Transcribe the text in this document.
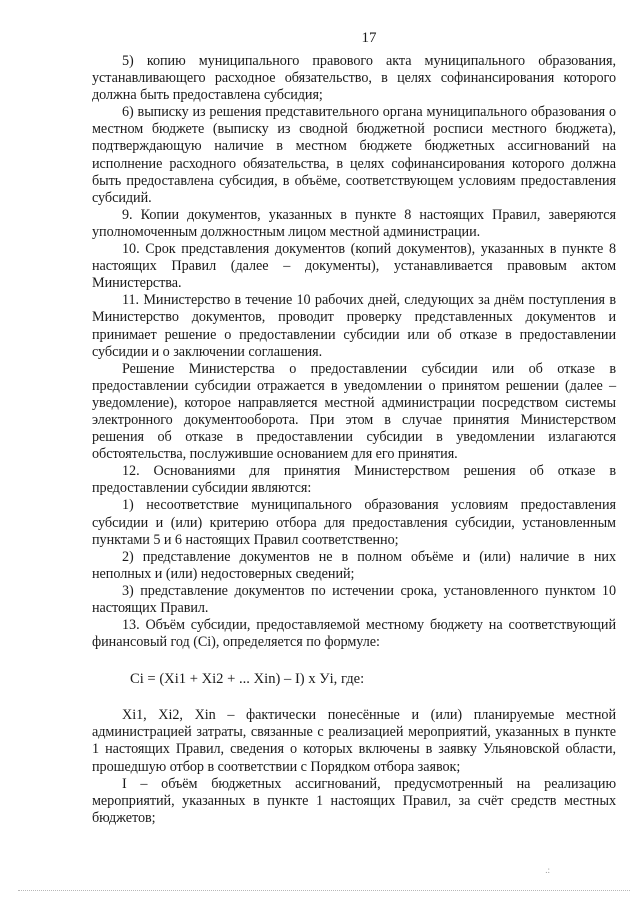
17

5) копию муниципального правового акта муниципального образования, устанавливающего расходное обязательство, в целях софинансирования которого должна быть предоставлена субсидия;

6) выписку из решения представительного органа муниципального образования о местном бюджете (выписку из сводной бюджетной росписи местного бюджета), подтверждающую наличие в местном бюджете бюджетных ассигнований на исполнение расходного обязательства, в целях софинансирования которого должна быть предоставлена субсидия, в объёме, соответствующем условиям предоставления субсидий.

9. Копии документов, указанных в пункте 8 настоящих Правил, заверяются уполномоченным должностным лицом местной администрации.

10. Срок представления документов (копий документов), указанных в пункте 8 настоящих Правил (далее – документы), устанавливается правовым актом Министерства.

11. Министерство в течение 10 рабочих дней, следующих за днём поступления в Министерство документов, проводит проверку представленных документов и принимает решение о предоставлении субсидии или об отказе в предоставлении субсидии и о заключении соглашения.

Решение Министерства о предоставлении субсидии или об отказе в предоставлении субсидии отражается в уведомлении о принятом решении (далее – уведомление), которое направляется местной администрации посредством системы электронного документооборота. При этом в случае принятия Министерством решения об отказе в предоставлении субсидии в уведомлении излагаются обстоятельства, послужившие основанием для его принятия.

12. Основаниями для принятия Министерством решения об отказе в предоставлении субсидии являются:

1) несоответствие муниципального образования условиям предоставления субсидии и (или) критерию отбора для предоставления субсидии, установленным пунктами 5 и 6 настоящих Правил соответственно;

2) представление документов не в полном объёме и (или) наличие в них неполных и (или) недостоверных сведений;

3) представление документов по истечении срока, установленного пунктом 10 настоящих Правил.

13. Объём субсидии, предоставляемой местному бюджету на соответствующий финансовый год (Ci), определяется по формуле:

Ci = (Xi1 + Xi2 + ... Xin) – I) x Уi, где:

Xi1, Xi2, Xin – фактически понесённые и (или) планируемые местной администрацией затраты, связанные с реализацией мероприятий, указанных в пункте 1 настоящих Правил, сведения о которых включены в заявку Ульяновской области, прошедшую отбор в соответствии с Порядком отбора заявок;

I – объём бюджетных ассигнований, предусмотренный на реализацию мероприятий, указанных в пункте 1 настоящих Правил, за счёт средств местных бюджетов;

.:
